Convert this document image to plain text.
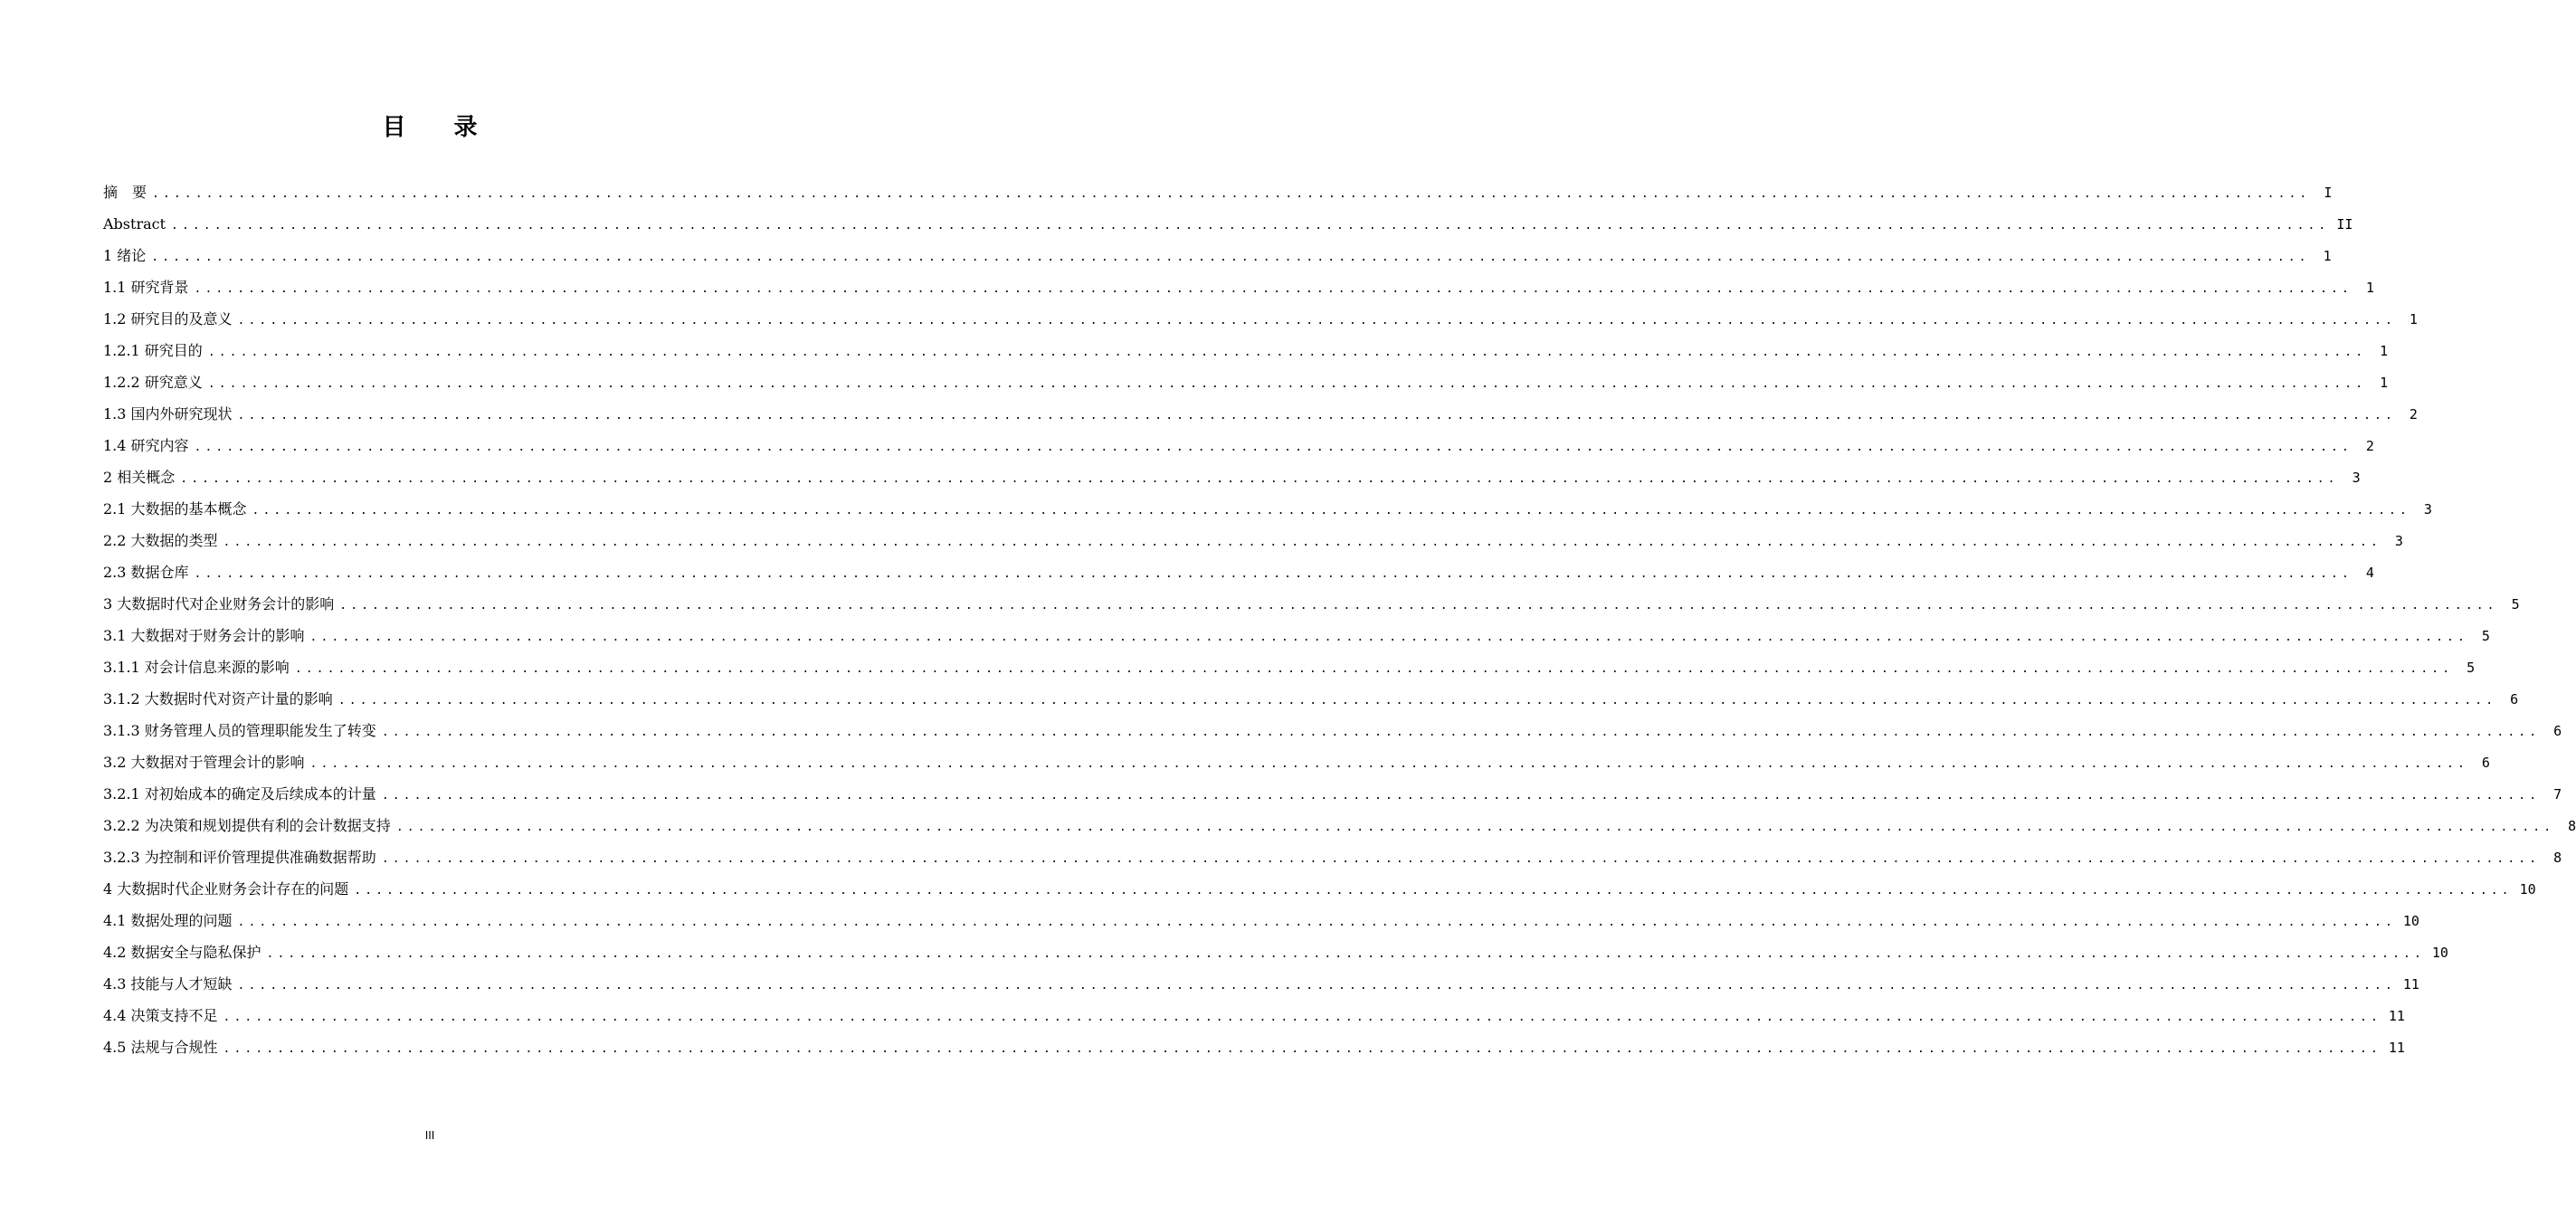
目 录
摘　要 ........................................................................................................................................................................................................ I
Abstract ........................................................................................................................................................................................................ II
1 绪论 ........................................................................................................................................................................................................ 1
1.1 研究背景 ........................................................................................................................................................................................................ 1
1.2 研究目的及意义 ........................................................................................................................................................................................................ 1
1.2.1 研究目的 ........................................................................................................................................................................................................ 1
1.2.2 研究意义 ........................................................................................................................................................................................................ 1
1.3 国内外研究现状 ........................................................................................................................................................................................................ 2
1.4 研究内容 ........................................................................................................................................................................................................ 2
2 相关概念 ........................................................................................................................................................................................................ 3
2.1 大数据的基本概念 ........................................................................................................................................................................................................ 3
2.2 大数据的类型 ........................................................................................................................................................................................................ 3
2.3 数据仓库 ........................................................................................................................................................................................................ 4
3 大数据时代对企业财务会计的影响 ........................................................................................................................................................................................................ 5
3.1 大数据对于财务会计的影响 ........................................................................................................................................................................................................ 5
3.1.1 对会计信息来源的影响 ........................................................................................................................................................................................................ 5
3.1.2 大数据时代对资产计量的影响 ........................................................................................................................................................................................................ 6
3.1.3 财务管理人员的管理职能发生了转变 ........................................................................................................................................................................................................ 6
3.2 大数据对于管理会计的影响 ........................................................................................................................................................................................................ 6
3.2.1 对初始成本的确定及后续成本的计量 ........................................................................................................................................................................................................ 7
3.2.2 为决策和规划提供有利的会计数据支持 ........................................................................................................................................................................................................ 8
3.2.3 为控制和评价管理提供准确数据帮助 ........................................................................................................................................................................................................ 8
4 大数据时代企业财务会计存在的问题 ........................................................................................................................................................................................................ 10
4.1 数据处理的问题 ........................................................................................................................................................................................................ 10
4.2 数据安全与隐私保护 ........................................................................................................................................................................................................ 10
4.3 技能与人才短缺 ........................................................................................................................................................................................................ 11
4.4 决策支持不足 ........................................................................................................................................................................................................ 11
4.5 法规与合规性 ........................................................................................................................................................................................................ 11
III
